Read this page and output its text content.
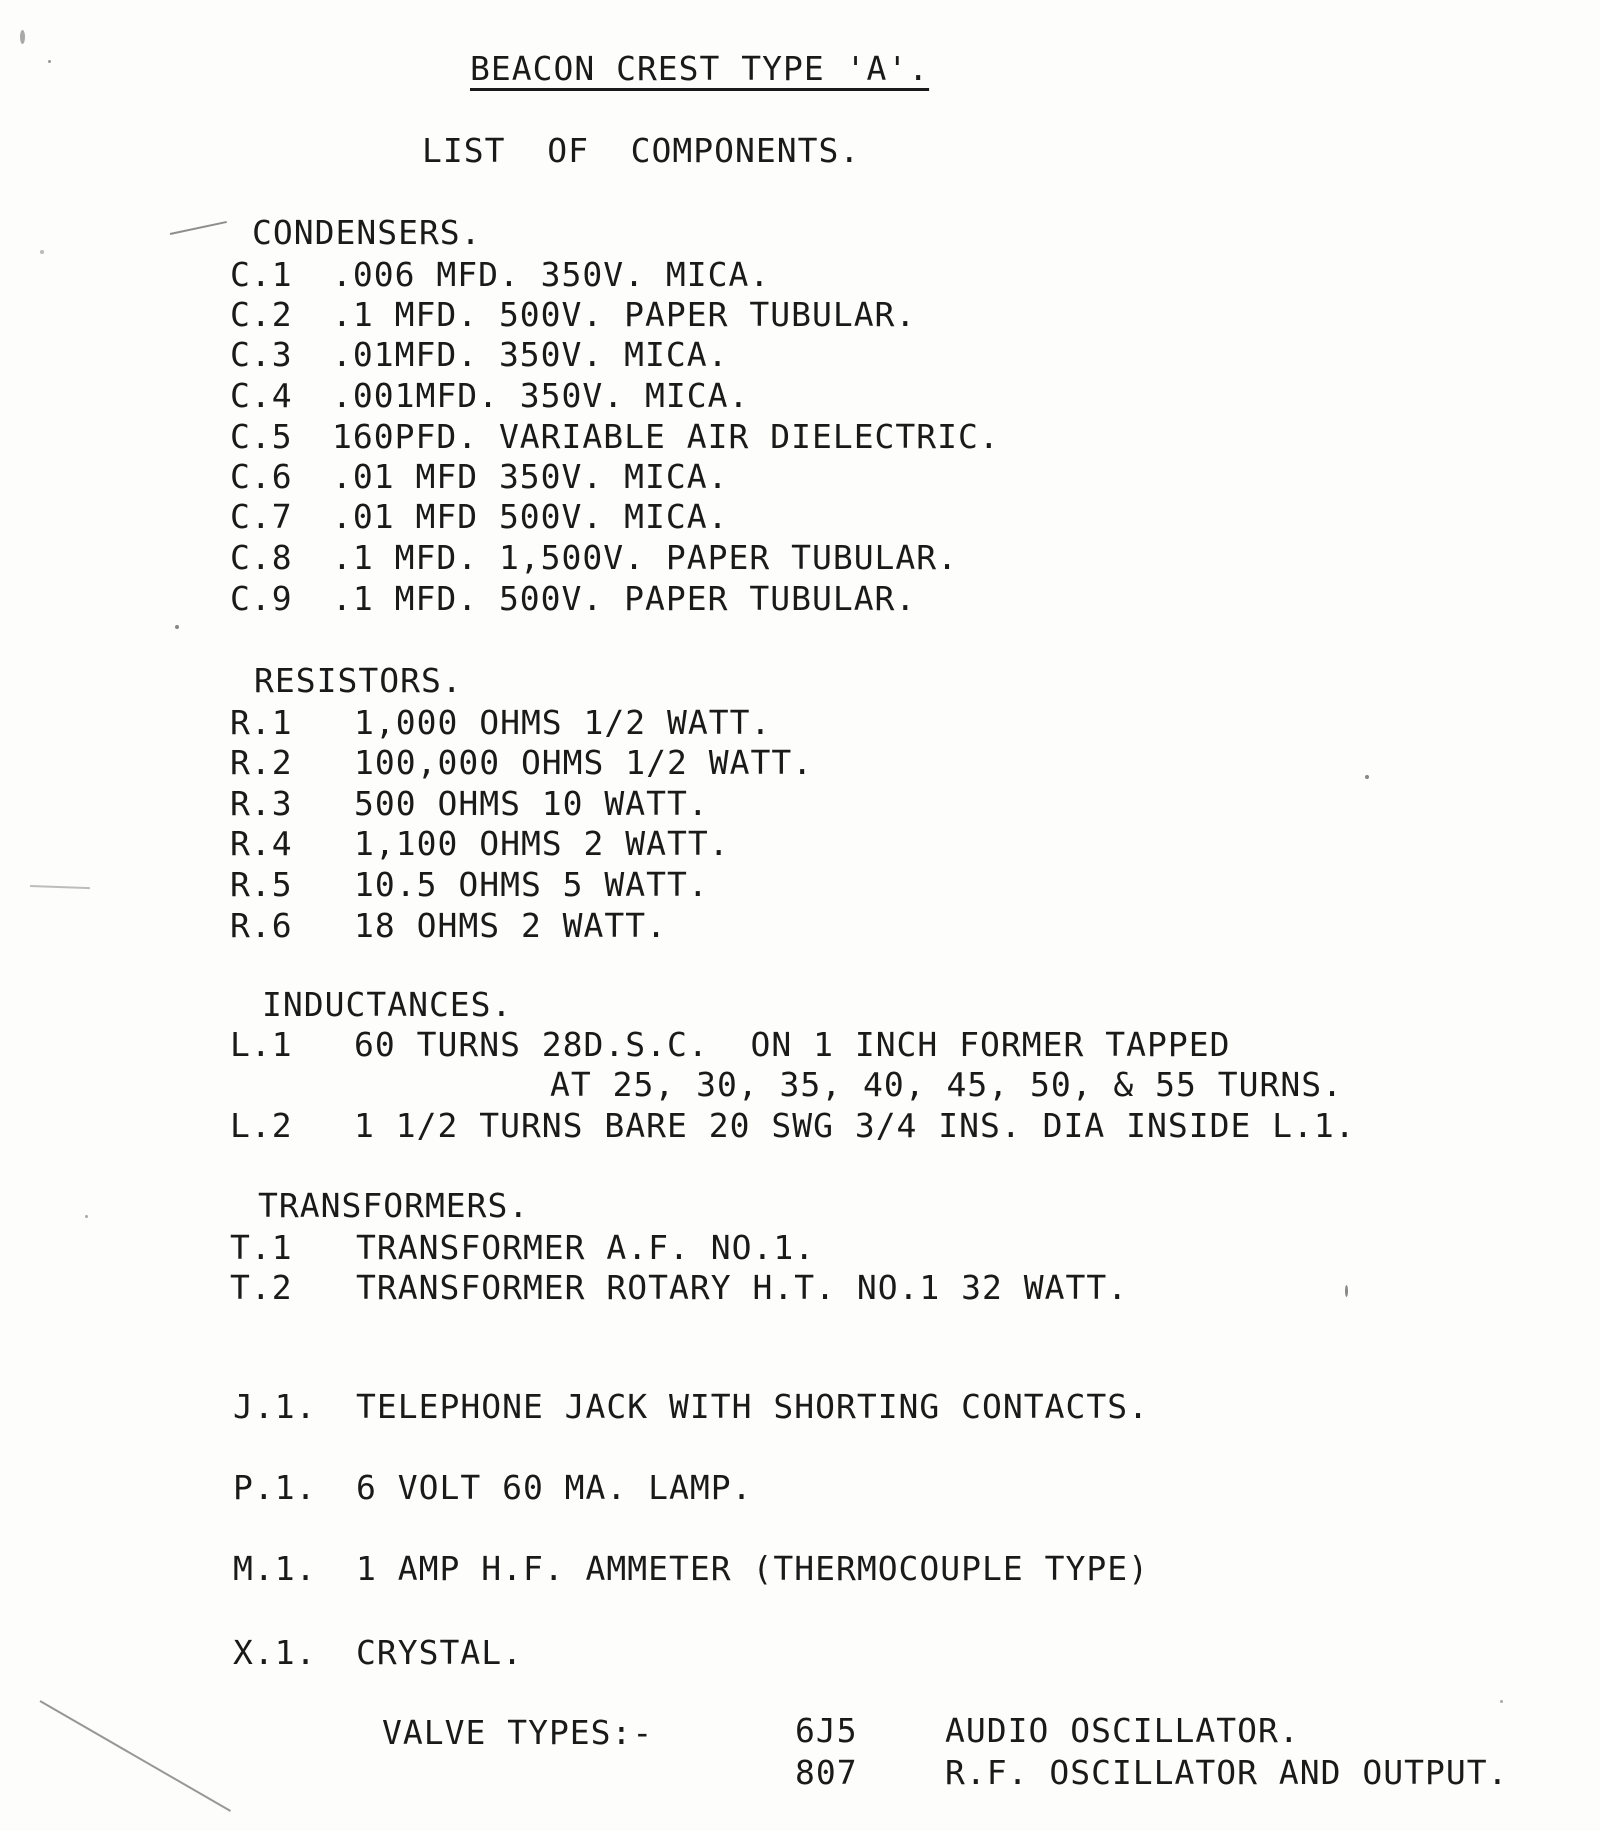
BEACON CREST TYPE 'A'.
LIST  OF  COMPONENTS.
CONDENSERS.
C.1 .006 MFD. 350V. MICA.
C.2 .1 MFD. 500V. PAPER TUBULAR.
C.3 .01MFD. 350V. MICA.
C.4 .001MFD. 350V. MICA.
C.5 160PFD. VARIABLE AIR DIELECTRIC.
C.6 .01 MFD 350V. MICA.
C.7 .01 MFD 500V. MICA.
C.8 .1 MFD. 1,500V. PAPER TUBULAR.
C.9 .1 MFD. 500V. PAPER TUBULAR.
RESISTORS.
R.1 1,000 OHMS 1/2 WATT.
R.2 100,000 OHMS 1/2 WATT.
R.3 500 OHMS 10 WATT.
R.4 1,100 OHMS 2 WATT.
R.5 10.5 OHMS 5 WATT.
R.6 18 OHMS 2 WATT.
INDUCTANCES.
L.1 60 TURNS 28D.S.C.  ON 1 INCH FORMER TAPPED
AT 25, 30, 35, 40, 45, 50, & 55 TURNS.
L.2 1 1/2 TURNS BARE 20 SWG 3/4 INS. DIA INSIDE L.1.
TRANSFORMERS.
T.1 TRANSFORMER A.F. NO.1.
T.2 TRANSFORMER ROTARY H.T. NO.1 32 WATT.
J.1. TELEPHONE JACK WITH SHORTING CONTACTS.
P.1. 6 VOLT 60 MA. LAMP.
M.1. 1 AMP H.F. AMMETER (THERMOCOUPLE TYPE)
X.1. CRYSTAL.
VALVE TYPES:-	6J5	AUDIO OSCILLATOR.
807	R.F. OSCILLATOR AND OUTPUT.
